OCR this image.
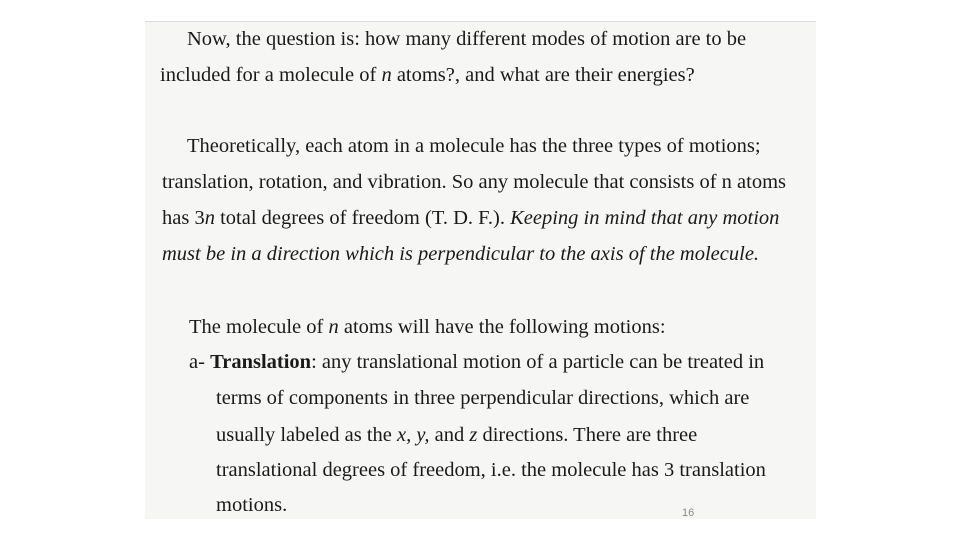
Now, the question is: how many different modes of motion are to be
included for a molecule of n atoms?, and what are their energies?
Theoretically, each atom in a molecule has the three types of motions;
translation, rotation, and vibration. So any molecule that consists of n atoms
has 3n total degrees of freedom (T. D. F.). Keeping in mind that any motion
must be in a direction which is perpendicular to the axis of the molecule.
The molecule of n atoms will have the following motions:
a- Translation: any translational motion of a particle can be treated in
terms of components in three perpendicular directions, which are
usually labeled as the x, y, and z directions. There are three
translational degrees of freedom, i.e. the molecule has 3 translation
motions.	16
